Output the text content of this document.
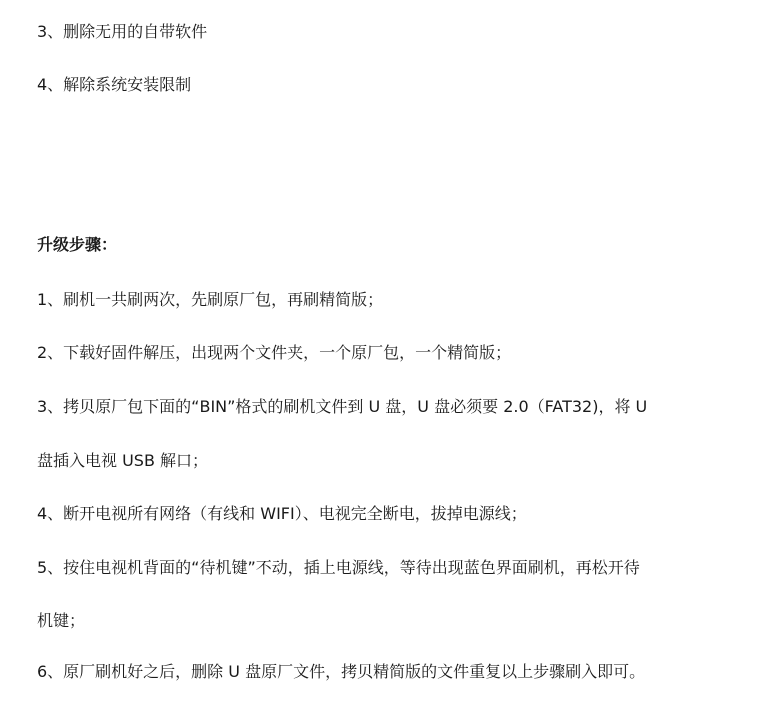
3、删除无用的自带软件
4、解除系统安装限制
升级步骤：
1、刷机一共刷两次，先刷原厂包，再刷精简版；
2、下载好固件解压，出现两个文件夹，一个原厂包，一个精简版；
3、拷贝原厂包下面的“BIN”格式的刷机文件到 U 盘，U 盘必须要 2.0（FAT32)，将 U
盘插入电视 USB 解口；
4、断开电视所有网络（有线和 WIFI）、电视完全断电，拔掉电源线；
5、按住电视机背面的“待机键”不动，插上电源线，等待出现蓝色界面刷机，再松开待
机键；
6、原厂刷机好之后，删除 U 盘原厂文件，拷贝精简版的文件重复以上步骤刷入即可。
